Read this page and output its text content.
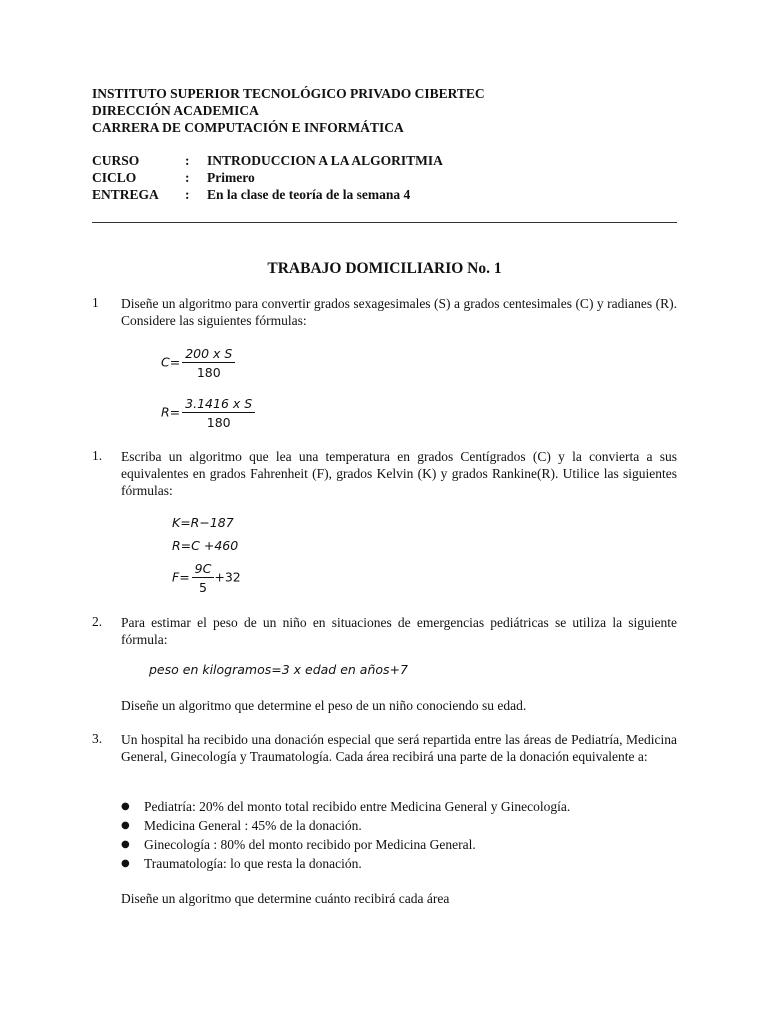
INSTITUTO SUPERIOR TECNOLÓGICO PRIVADO CIBERTEC
DIRECCIÓN ACADEMICA
CARRERA DE COMPUTACIÓN E INFORMÁTICA
CURSO	: INTRODUCCION A LA ALGORITMIA
CICLO	: Primero
ENTREGA : En la clase de teoría de la semana 4
TRABAJO DOMICILIARIO No. 1
1 Diseñe un algoritmo para convertir grados sexagesimales (S) a grados centesimales (C) y radianes (R). Considere las siguientes fórmulas:
$C= \frac{\text{200 x S}}{180}$
$R= \frac{\text{3.1416 x S}}{180}$
1. Escriba un algoritmo que lea una temperatura en grados Centígrados (C) y la convierta a sus equivalentes en grados Fahrenheit (F), grados Kelvin (K) y grados Rankine(R). Utilice las siguientes fórmulas:
K=R−187
R=C +460
$F= \frac{9C}{5} +32$
2. Para estimar el peso de un niño en situaciones de emergencias pediátricas se utiliza la siguiente fórmula:
peso en kilogramos=3 x edad en años+7
Diseñe un algoritmo que determine el peso de un niño conociendo su edad.
3. Un hospital ha recibido una donación especial que será repartida entre las áreas de Pediatría, Medicina General, Ginecología y Traumatología. Cada área recibirá una parte de la donación equivalente a:
● Pediatría: 20% del monto total recibido entre Medicina General y Ginecología.
● Medicina General : 45% de la donación.
● Ginecología : 80% del monto recibido por Medicina General.
● Traumatología: lo que resta la donación.
Diseñe un algoritmo que determine cuánto recibirá cada área
